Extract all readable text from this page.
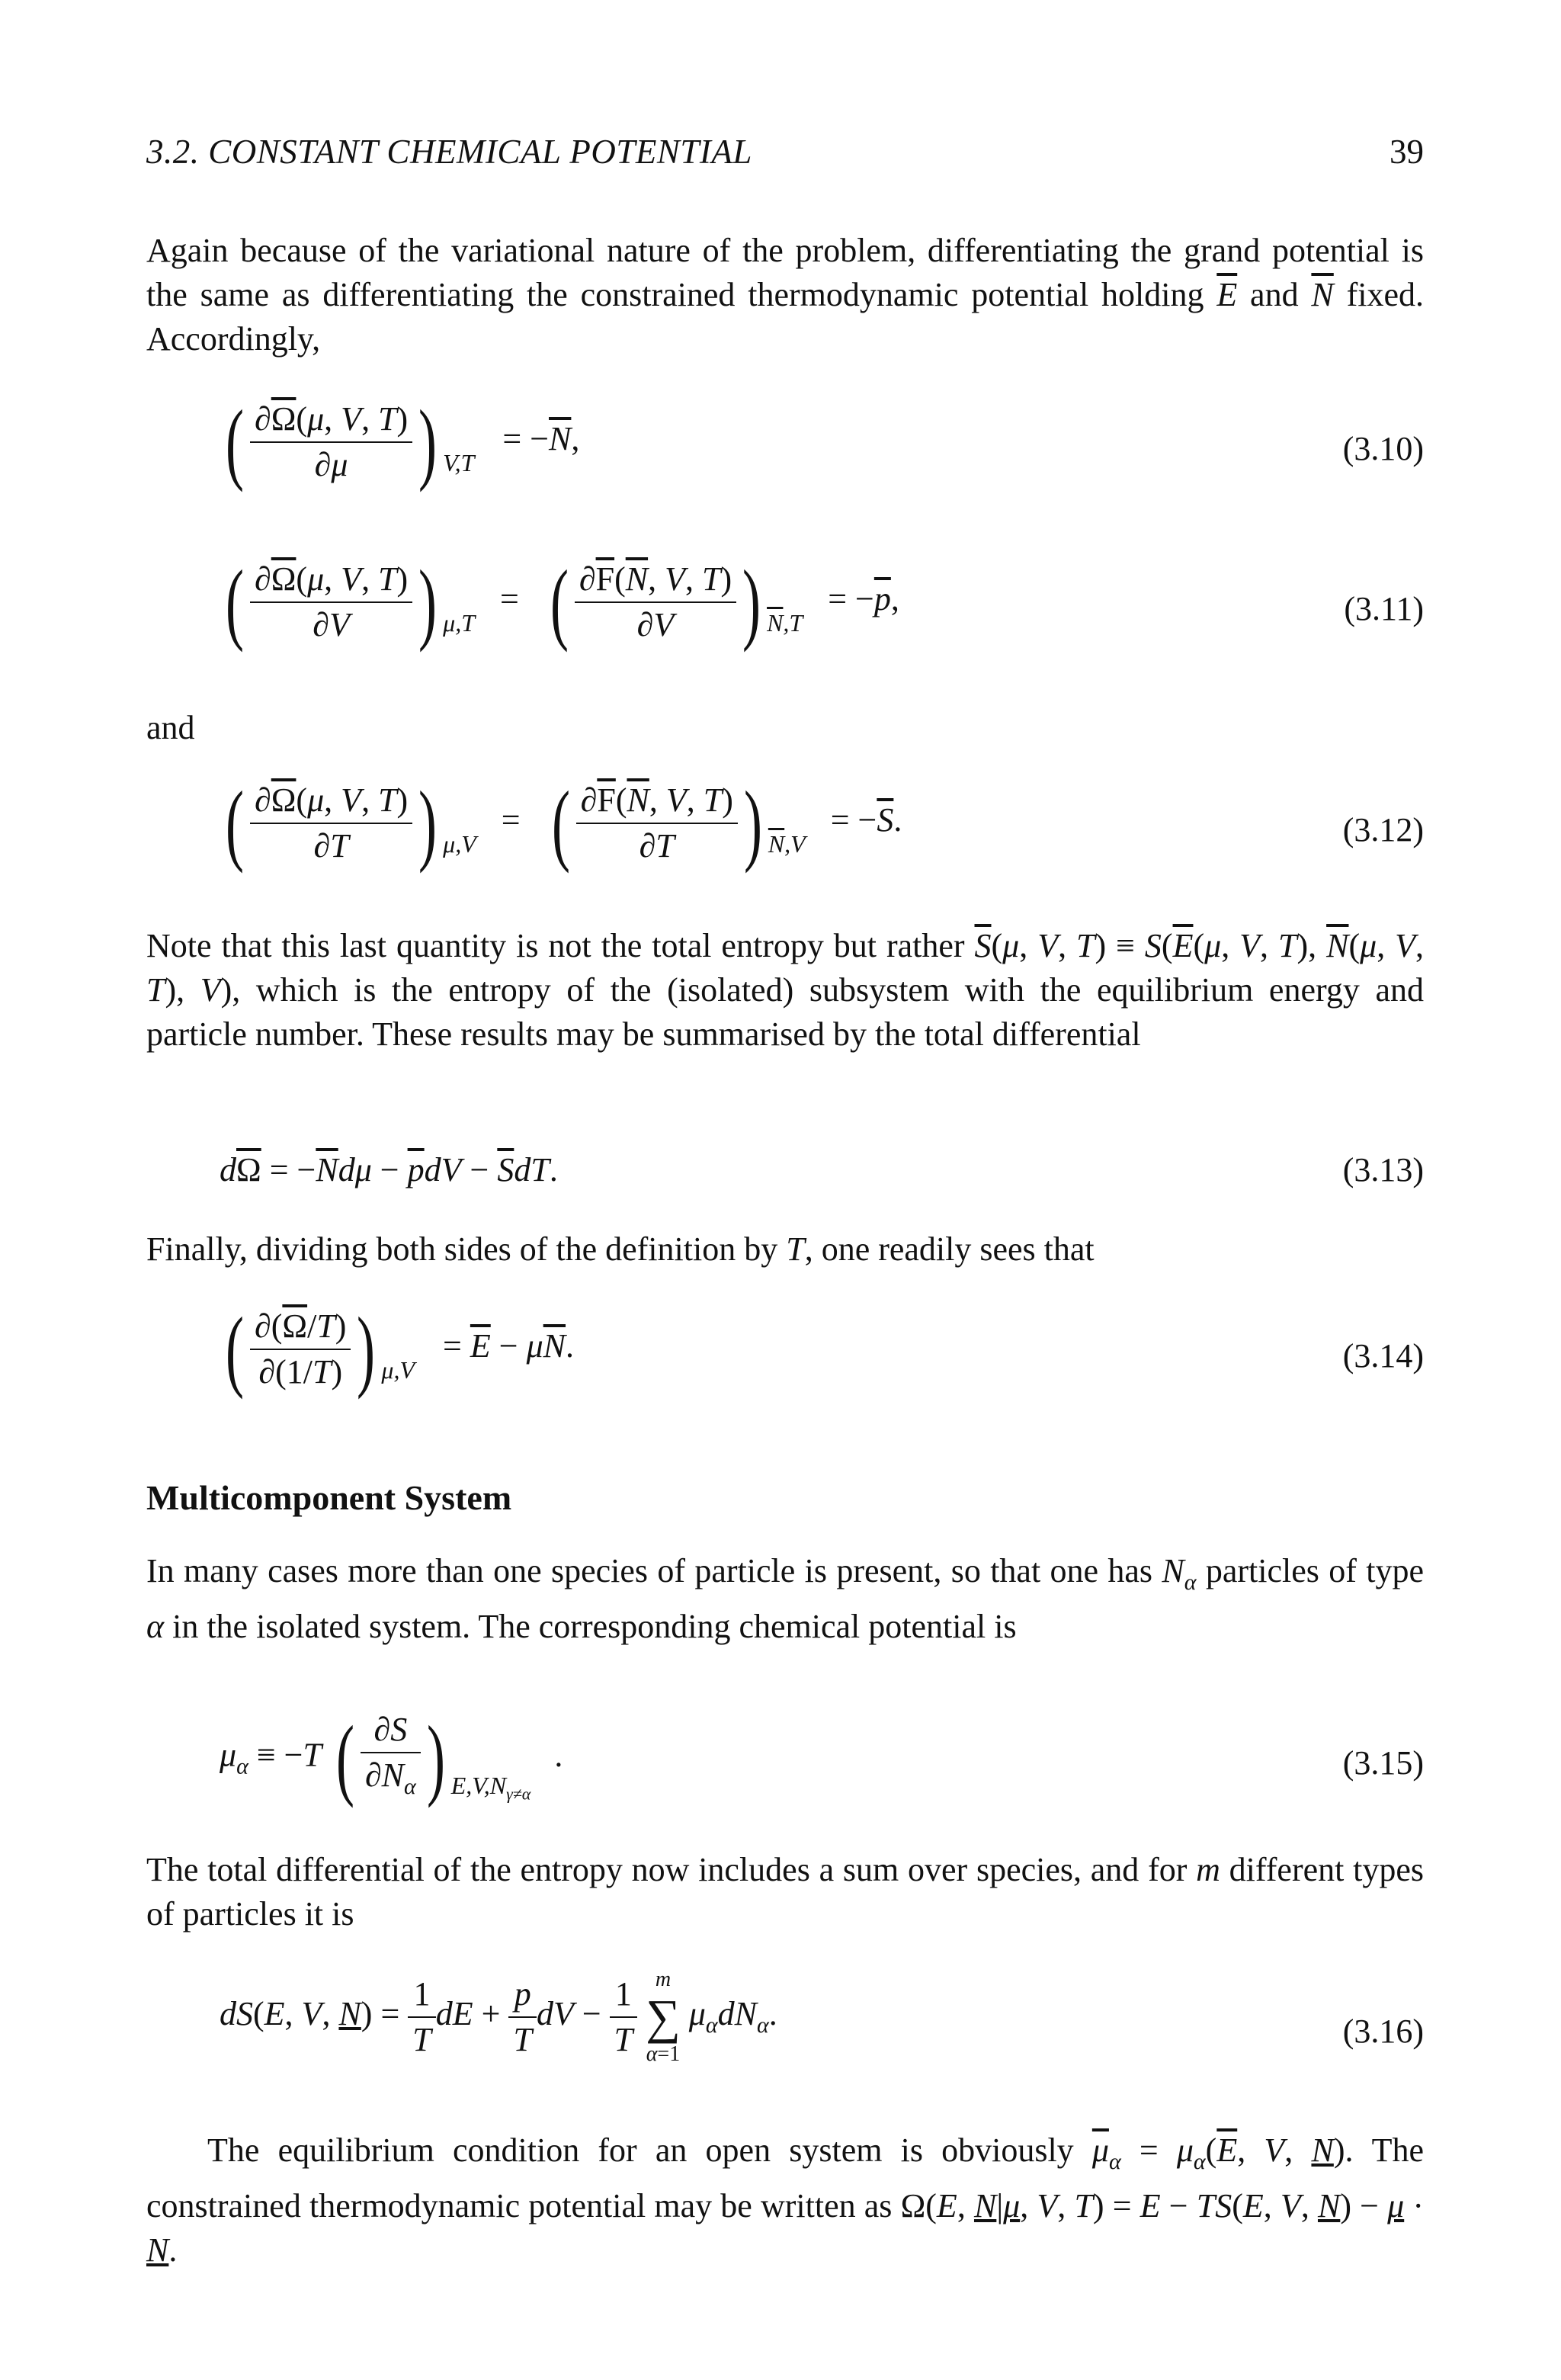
3.2. CONSTANT CHEMICAL POTENTIAL	39

Again because of the variational nature of the problem, differentiating the grand potential is the same as differentiating the constrained thermodynamic potential holding $\overline{E}$ and $\overline{N}$ fixed. Accordingly,

( $\frac{\partial\overline{\Omega}(\mu, V, T)}{\partial\mu}$ ) $_{V,T} = -\overline{N}$,	(3.10)
( $\frac{\partial\overline{\Omega}(\mu, V, T)}{\partial V}$ ) $_{\mu,T}$ = ( $\frac{\partial\overline{F}(\overline{N}, V, T)}{\partial V}$ ) $_{\overline{N},T} = -\overline{p}$,	(3.11)
and
( $\frac{\partial\overline{\Omega}(\mu, V, T)}{\partial T}$ ) $_{\mu,V}$ = ( $\frac{\partial\overline{F}(\overline{N}, V, T)}{\partial T}$ ) $_{\overline{N},V} = -\overline{S}$.	(3.12)

Note that this last quantity is not the total entropy but rather $\overline{S}(\mu$, V, $T) \equiv S(\overline{E}(\mu$, V, T), $\overline{N}(\mu$, V, T), V), which is the entropy of the (isolated) subsystem with the equilibrium energy and particle number. These results may be summarised by the total differential

$d\overline{\Omega} = -\overline{N}d\mu - \overline{p}dV - \overline{S}dT$.	(3.13)

Finally, dividing both sides of the definition by T, one readily sees that

( $\frac{\partial(\overline{\Omega}/T)}{\partial(1/T)}$ ) $_{\mu,V} = \overline{E} - \mu\overline{N}$.	(3.14)
Multicomponent System

In many cases more than one species of particle is present, so that one has $N_\alpha$ particles of type α in the isolated system. The corresponding chemical potential is

$\mu_\alpha \equiv -T$ ( $\frac{\partial S}{\partial N_\alpha}$ ) $_{E,V,N_{\gamma\ne\alpha}}$ .	(3.15)

The total differential of the entropy now includes a sum over species, and for m different types of particles it is

dS(E, V, $N) = \frac{1}{T}$ dE + $\frac{p}{T}$ dV − $\frac{1}{T}$ m
∑
α=1 $\mu_\alpha dN_\alpha$.	(3.16)

The equilibrium condition for an open system is obviously $\overline{\mu}_\alpha = \mu_\alpha(\overline{E}$, V, N). The constrained thermodynamic potential may be written as Ω(E, N|μ, V, T) = E − TS(E, V, N) − μ · N.
